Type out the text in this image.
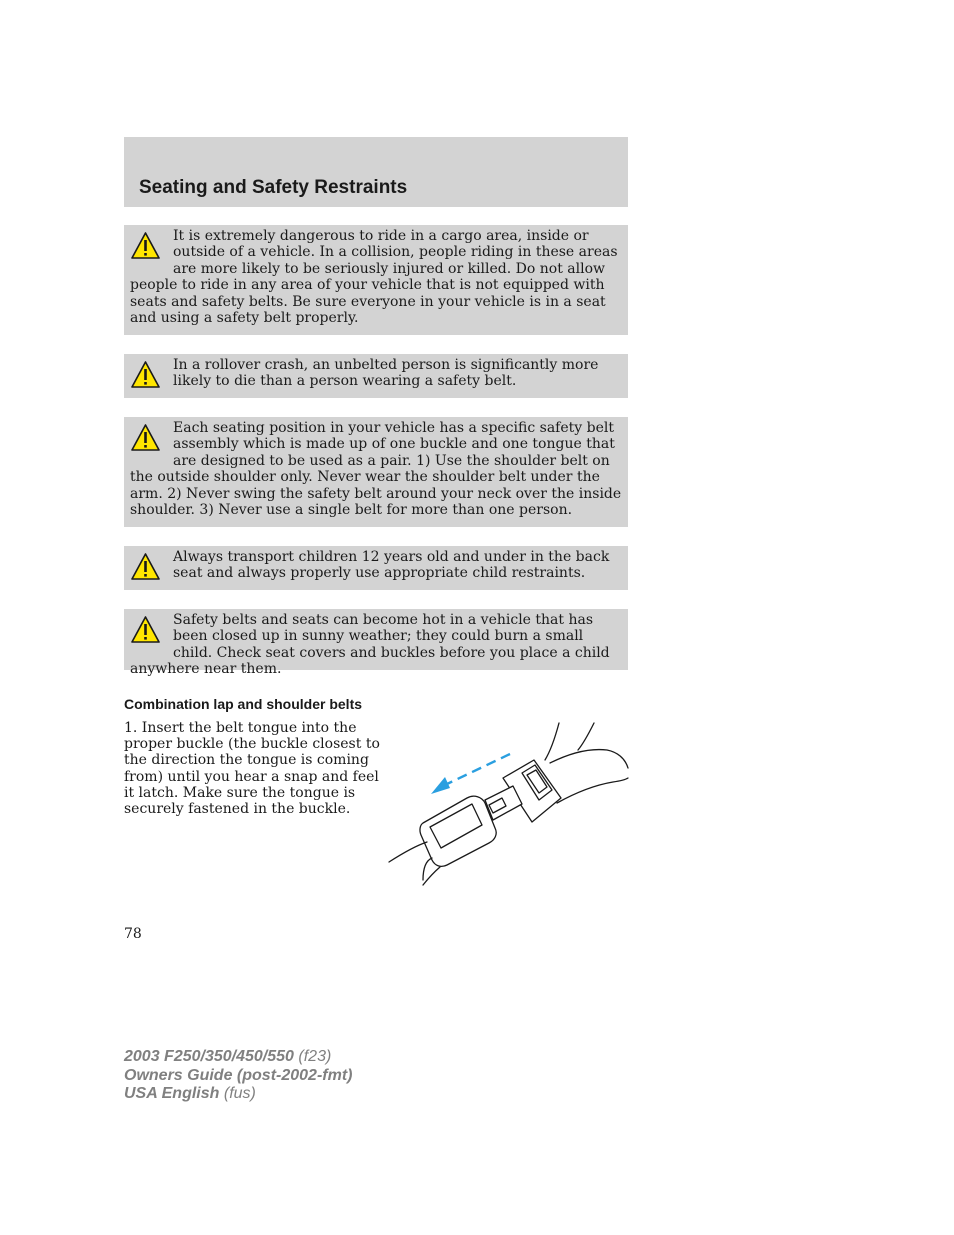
Seating and Safety Restraints
It is extremely dangerous to ride in a cargo area, inside or outside of a vehicle. In a collision, people riding in these areas are more likely to be seriously injured or killed. Do not allow people to ride in any area of your vehicle that is not equipped with seats and safety belts. Be sure everyone in your vehicle is in a seat and using a safety belt properly.
In a rollover crash, an unbelted person is significantly more likely to die than a person wearing a safety belt.
Each seating position in your vehicle has a specific safety belt assembly which is made up of one buckle and one tongue that are designed to be used as a pair. 1) Use the shoulder belt on the outside shoulder only. Never wear the shoulder belt under the arm. 2) Never swing the safety belt around your neck over the inside shoulder. 3) Never use a single belt for more than one person.
Always transport children 12 years old and under in the back seat and always properly use appropriate child restraints.
Safety belts and seats can become hot in a vehicle that has been closed up in sunny weather; they could burn a small child. Check seat covers and buckles before you place a child anywhere near them.
Combination lap and shoulder belts

1. Insert the belt tongue into the proper buckle (the buckle closest to the direction the tongue is coming from) until you hear a snap and feel it latch. Make sure the tongue is securely fastened in the buckle.

78
2003 F250/350/450/550 (f23)
Owners Guide (post-2002-fmt)
USA English (fus)
